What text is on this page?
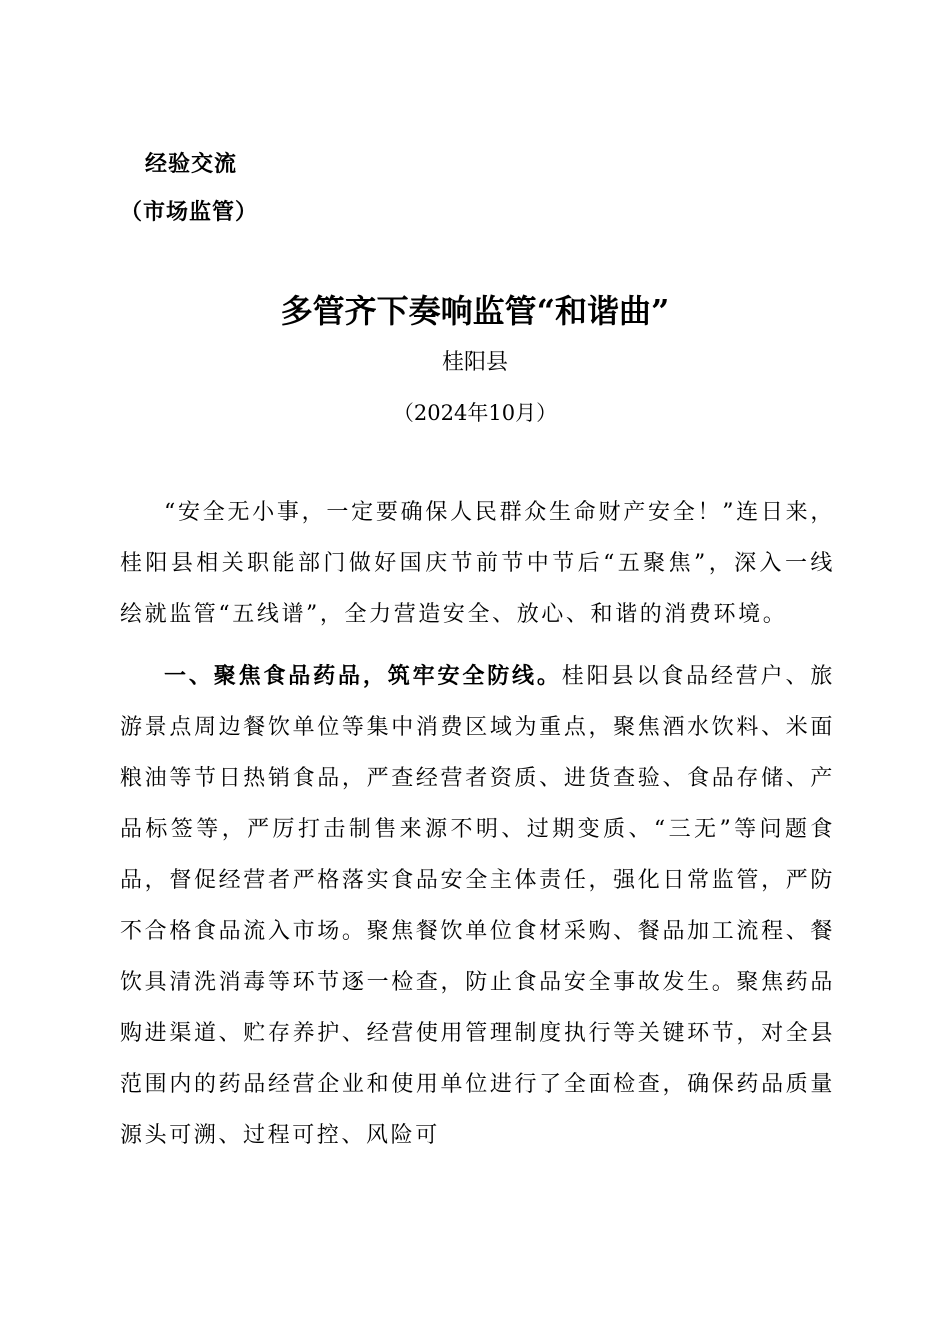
经验交流
（市场监管）
多管齐下奏响监管“和谐曲”
桂阳县
（2024年10月）

“安全无小事，一定要确保人民群众生命财产安全！”连日来，桂阳县相关职能部门做好国庆节前节中节后“五聚焦”，深入一线绘就监管“五线谱”，全力营造安全、放心、和谐的消费环境。

一、聚焦食品药品，筑牢安全防线。桂阳县以食品经营户、旅游景点周边餐饮单位等集中消费区域为重点，聚焦酒水饮料、米面粮油等节日热销食品，严查经营者资质、进货查验、食品存储、产品标签等，严厉打击制售来源不明、过期变质、“三无”等问题食品，督促经营者严格落实食品安全主体责任，强化日常监管，严防不合格食品流入市场。聚焦餐饮单位食材采购、餐品加工流程、餐饮具清洗消毒等环节逐一检查，防止食品安全事故发生。聚焦药品购进渠道、贮存养护、经营使用管理制度执行等关键环节，对全县范围内的药品经营企业和使用单位进行了全面检查，确保药品质量源头可溯、过程可控、风险可
